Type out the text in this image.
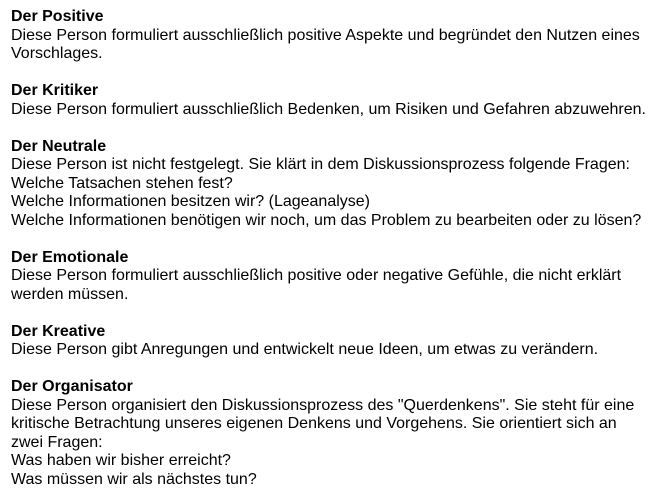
Der Positive
Diese Person formuliert ausschließlich positive Aspekte und begründet den Nutzen eines
Vorschlages.
Der Kritiker
Diese Person formuliert ausschließlich Bedenken, um Risiken und Gefahren abzuwehren.
Der Neutrale
Diese Person ist nicht festgelegt. Sie klärt in dem Diskussionsprozess folgende Fragen:
Welche Tatsachen stehen fest?
Welche Informationen besitzen wir? (Lageanalyse)
Welche Informationen benötigen wir noch, um das Problem zu bearbeiten oder zu lösen?
Der Emotionale
Diese Person formuliert ausschließlich positive oder negative Gefühle, die nicht erklärt
werden müssen.
Der Kreative
Diese Person gibt Anregungen und entwickelt neue Ideen, um etwas zu verändern.
Der Organisator
Diese Person organisiert den Diskussionsprozess des "Querdenkens". Sie steht für eine
kritische Betrachtung unseres eigenen Denkens und Vorgehens. Sie orientiert sich an
zwei Fragen:
Was haben wir bisher erreicht?
Was müssen wir als nächstes tun?
